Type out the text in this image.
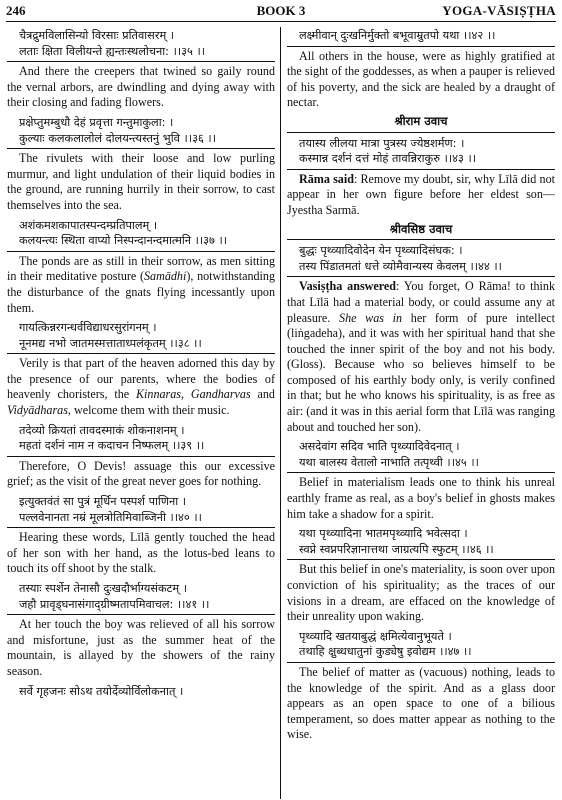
246	BOOK 3	YOGA-VĀSIṢṬHA

चैत्रद्रुमविलासिन्यो विरसाः प्रतिवासरम् ।

लताः क्षिता विलीयन्ते ह्यन्तःस्थलोचना: ।।३५ ।।

And there the creepers that twined so gaily round the vernal arbors, are dwindling and dying away with their closing and fading flowers.

प्रक्षेप्तुमम्बुधौ देहं प्रवृत्ता गन्तुमाकुला: ।

कुल्याः कलकलालोलं दोलयन्त्यस्तनुं भुवि ।।३६ ।।

The rivulets with their loose and low purling murmur, and light undulation of their liquid bodies in the ground, are running hurrily in their sorrow, to cast themselves into the sea.

अशंकमशकापातस्पन्दम्प्रतिपालम् ।

कलयन्त्यः स्थिता वाप्यो निस्पन्दानन्दमात्मनि ।।३७ ।।

The ponds are as still in their sorrow, as men sitting in their meditative posture (Samādhi), notwithstanding the disturbance of the gnats flying incessantly upon them.

गायत्किन्नरगन्धर्वविद्याधरसुरांगनम् ।

नूनमद्य नभो जातमस्मत्ताताध्पलंकृतम् ।।३८ ।।

Verily is that part of the heaven adorned this day by the presence of our parents, where the bodies of heavenly choristers, the Kinnaras, Gandharvas and Vidyādharas, welcome them with their music.

तदेव्यो क्रियतां तावदस्माकं शोकनाशनम् ।

महतां दर्शनं नाम न कदाचन निष्फलम् ।।३९ ।।

Therefore, O Devis! assuage this our excessive grief; as the visit of the great never goes for nothing.

इत्युक्तवंतं सा पुत्रं मूर्धिन पस्पर्श पाणिना ।

पल्लवेनानता नम्रं मूलत्रोतिमिवाब्जिनी ।।४० ।।

Hearing these words, Līlā gently touched the head of her son with her hand, as the lotus-bed leans to touch its off shoot by the stalk.

तस्याः स्पर्शेन तेनासौ दुःखदौर्भाग्यसंकटम् ।

जहौ प्रावृड्घनासंगाद्ग्रीष्मतापमिवाचल: ।।४१ ।।

At her touch the boy was relieved of all his sorrow and misfortune, just as the summer heat of the mountain, is allayed by the showers of the rainy season.

सर्वे गृहजनः सोऽथ तयोर्देव्योर्विलोकनात् ।

लक्ष्मीवान् दुःखनिर्मुक्तो बभूवाम्रुतपो यथा ।।४२ ।।

All others in the house, were as highly gratified at the sight of the goddesses, as when a pauper is relieved of his poverty, and the sick are healed by a draught of nectar.

श्रीराम उवाच

तयास्य लीलया मात्रा पुत्रस्य ज्येष्ठशर्मण: ।

कस्मान्न दर्शनं दत्तं मोहं तावन्निराकुरु ।।४३ ।।

Rāma said: Remove my doubt, sir, why Līlā did not appear in her own figure before her eldest son— Jyestha Sarmā.

श्रीवसिष्ठ उवाच

बुद्धः पृथ्व्यादिवोदेन येन पृथ्व्यादिसंघक: ।

तस्य पिंडातमतां धत्ते व्योमैवान्यस्य केवलम् ।।४४ ।।

Vasiṣṭha answered: You forget, O Rāma! to think that Līlā had a material body, or could assume any at pleasure. She was in her form of pure intellect (liṅgadeha), and it was with her spiritual hand that she touched the inner spirit of the boy and not his body. (Gloss). Because who so believes himself to be composed of his earthly body only, is verily confined in that; but he who knows his spirituality, is as free as air: (and it was in this aerial form that Līlā was ranging about and touched her son).

असदेवांग सदिव भाति पृथ्व्यादिवेदनात् ।

यथा बालस्य वेतालो नाभाति तत्पृथ्वी ।।४५ ।।

Belief in materialism leads one to think his unreal earthly frame as real, as a boy's belief in ghosts makes him take a shadow for a spirit.

यथा पृथ्व्यादिना भातमपृथ्व्यादि भवेत्सदा ।

स्वप्ने स्वप्नपरिज्ञानात्तथा जाग्रत्यपि स्फुटम् ।।४६ ।।

But this belief in one's materiality, is soon over upon conviction of his spirituality; as the traces of our visions in a dream, are effaced on the knowledge of their unreality upon waking.

पृथ्व्यादि खतयाबुद्धं क्षमित्येवानुभूयते ।

तथाहि क्षुब्धधातुनां कुड्येषु इवोद्यम ।।४७ ।।

The belief of matter as (vacuous) nothing, leads to the knowledge of the spirit. And as a glass door appears as an open space to one of a bilious temperament, so does matter appear as nothing to the wise.
